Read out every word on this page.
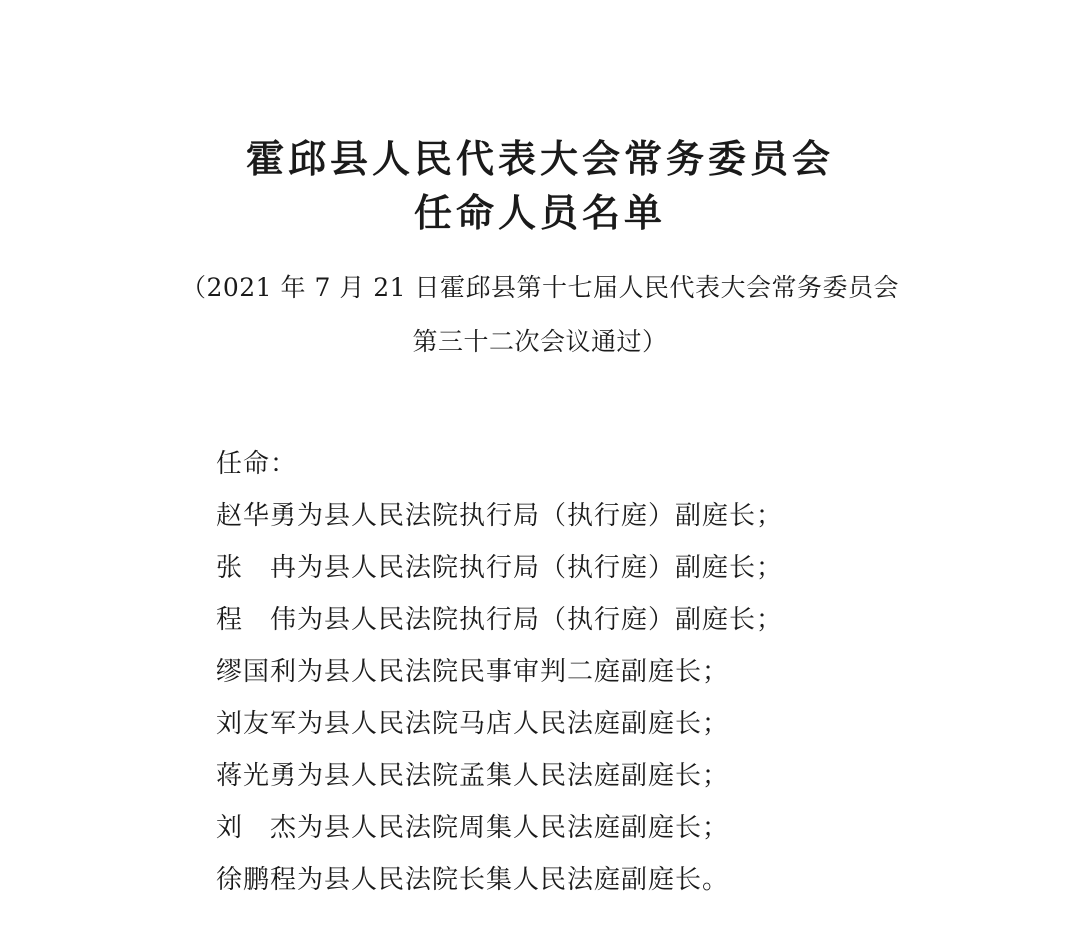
霍邱县人民代表大会常务委员会
任命人员名单
（2021 年 7 月 21 日霍邱县第十七届人民代表大会常务委员会
第三十二次会议通过）
任命：
赵华勇为县人民法院执行局（执行庭）副庭长；
张　冉为县人民法院执行局（执行庭）副庭长；
程　伟为县人民法院执行局（执行庭）副庭长；
缪国利为县人民法院民事审判二庭副庭长；
刘友军为县人民法院马店人民法庭副庭长；
蒋光勇为县人民法院孟集人民法庭副庭长；
刘　杰为县人民法院周集人民法庭副庭长；
徐鹏程为县人民法院长集人民法庭副庭长。
